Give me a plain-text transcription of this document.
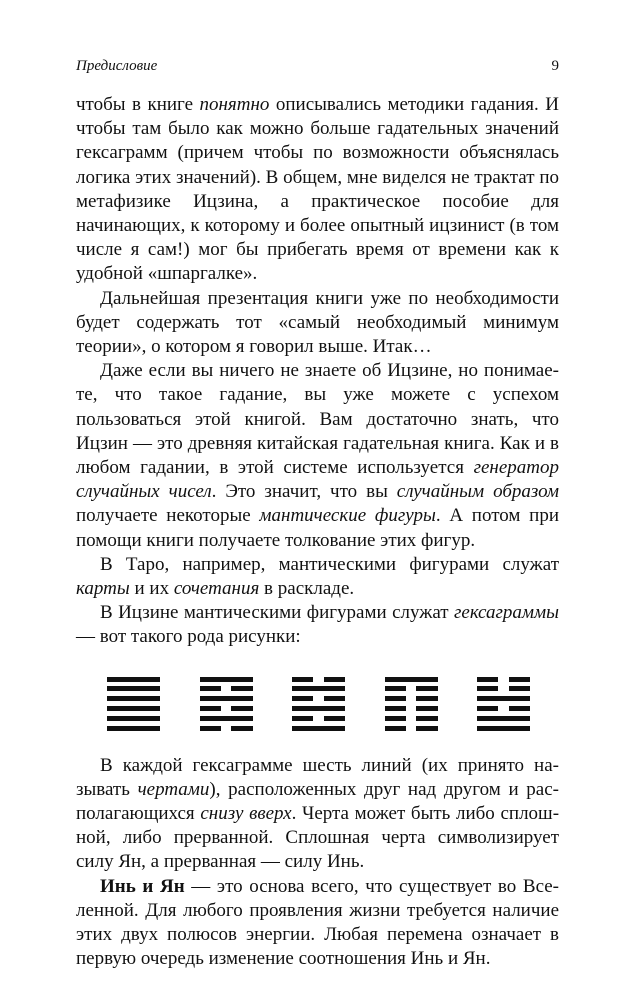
Предисловие	9

чтобы в книге понятно описывались методики гадания. И чтобы там было как можно больше гадательных значений гексаграмм (причем чтобы по возможности объяснялась логика этих значений). В общем, мне виделся не трактат по метафизике Ицзина, а практическое пособие для начинающих, к которому и более опытный ицзинист (в том числе я сам!) мог бы прибегать время от времени как к удобной «шпаргалке».

Дальнейшая презентация книги уже по необходимости будет содержать тот «самый необходимый минимум теории», о котором я говорил выше. Итак…

Даже если вы ничего не знаете об Ицзине, но понимаете, что такое гадание, вы уже можете с успехом пользоваться этой книгой. Вам достаточно знать, что Ицзин — это древняя китайская гадательная книга. Как и в любом гадании, в этой системе используется генератор случайных чисел. Это значит, что вы случайным образом получаете некоторые мантические фигуры. А потом при помощи книги получаете толкование этих фигур.

В Таро, например, мантическими фигурами служат карты и их сочетания в раскладе.

В Ицзине мантическими фигурами служат гексаграммы — вот такого рода рисунки:

В каждой гексаграмме шесть линий (их принято называть чертами), расположенных друг над другом и располагающихся снизу вверх. Черта может быть либо сплошной, либо прерванной. Сплошная черта символизирует силу Ян, а прерванная — силу Инь.

Инь и Ян — это основа всего, что существует во Вселенной. Для любого проявления жизни требуется наличие этих двух полюсов энергии. Любая перемена означает в первую очередь изменение соотношения Инь и Ян.
